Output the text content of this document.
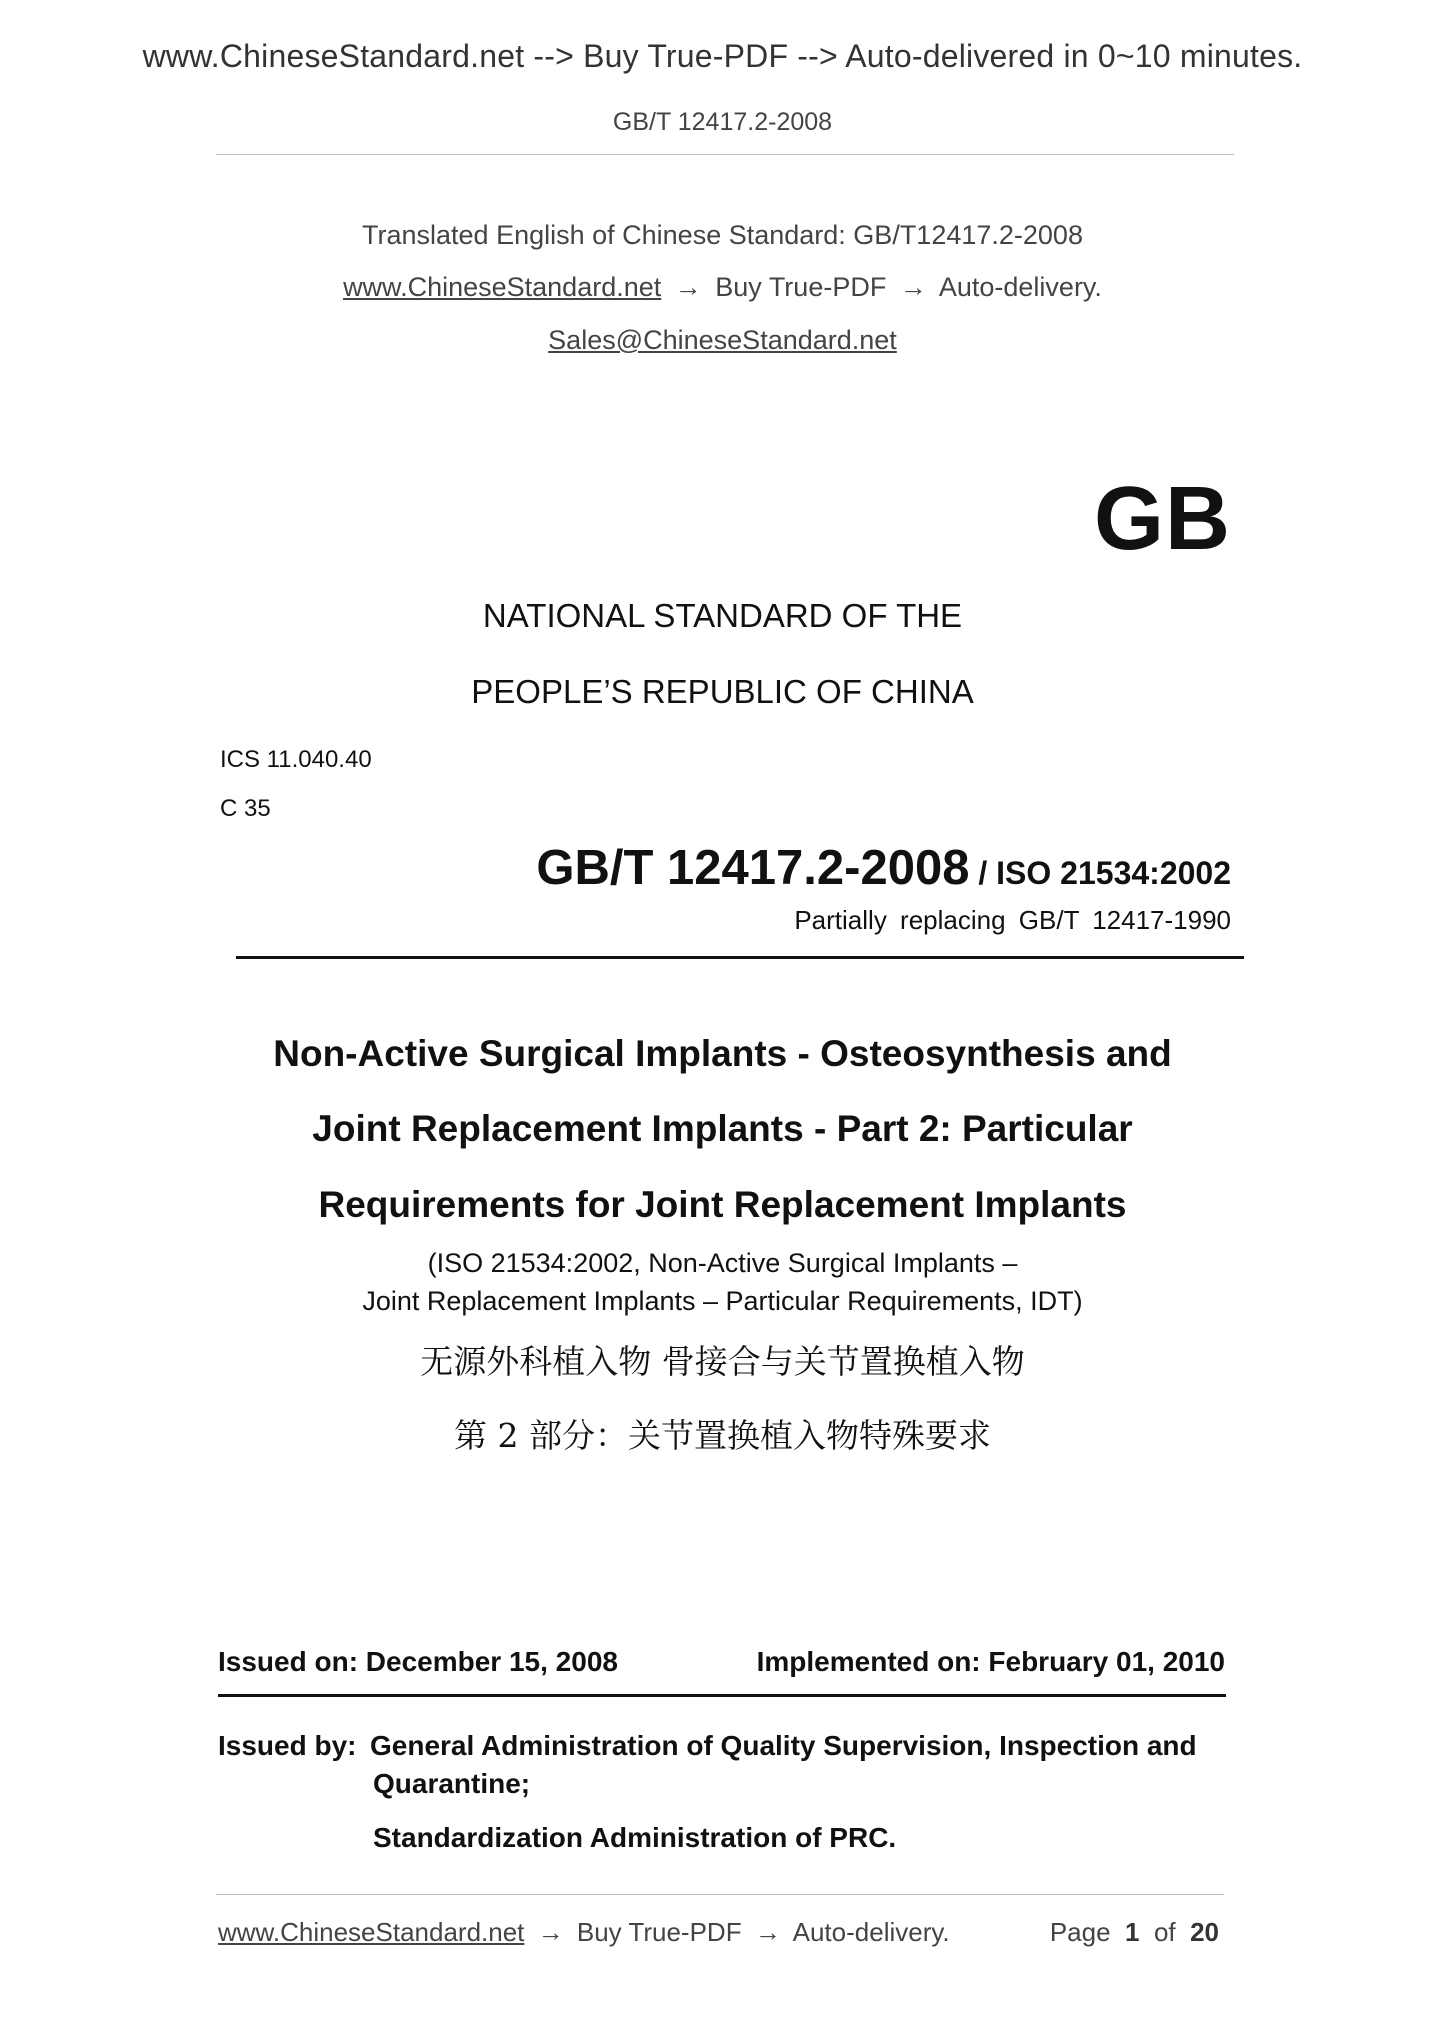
www.ChineseStandard.net --> Buy True-PDF --> Auto-delivered in 0~10 minutes.
GB/T 12417.2-2008
Translated English of Chinese Standard: GB/T12417.2-2008
www.ChineseStandard.net → Buy True-PDF → Auto-delivery.
Sales@ChineseStandard.net
GB
NATIONAL STANDARD OF THE
PEOPLE’S REPUBLIC OF CHINA
ICS 11.040.40
C 35
GB/T 12417.2-2008 / ISO 21534:2002
Partially replacing GB/T 12417-1990
Non-Active Surgical Implants - Osteosynthesis and
Joint Replacement Implants - Part 2: Particular
Requirements for Joint Replacement Implants
(ISO 21534:2002, Non-Active Surgical Implants –
Joint Replacement Implants – Particular Requirements, IDT)
无源外科植入物 骨接合与关节置换植入物
第 2 部分：关节置换植入物特殊要求
Issued on: December 15, 2008	Implemented on: February 01, 2010
Issued by: General Administration of Quality Supervision, Inspection and
Quarantine;
Standardization Administration of PRC.
www.ChineseStandard.net → Buy True-PDF → Auto-delivery.	Page 1 of 20
